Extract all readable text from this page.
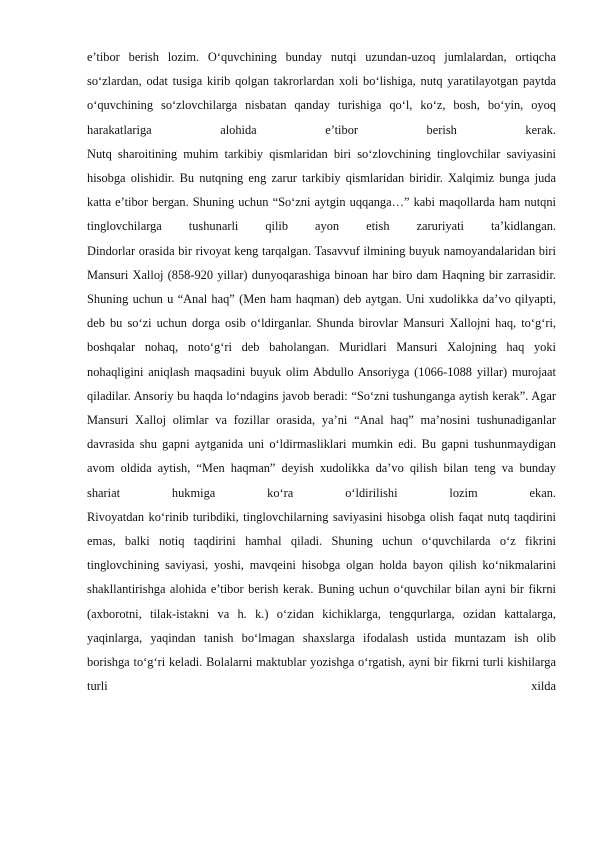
e’tibor berish lozim. O‘quvchining bunday nutqi uzundan-uzoq jumlalardan, ortiqcha so‘zlardan, odat tusiga kirib qolgan takrorlardan xoli bo‘lishiga, nutq yaratilayotgan paytda o‘quvchining so‘zlovchilarga nisbatan qanday turishiga qo‘l, ko‘z, bosh, bo‘yin, oyoq harakatlariga alohida e’tibor berish kerak.

Nutq sharoitining muhim tarkibiy qismlaridan biri so‘zlovchining tinglovchilar saviyasini hisobga olishidir. Bu nutqning eng zarur tarkibiy qismlaridan biridir. Xalqimiz bunga juda katta e’tibor bergan. Shuning uchun “So‘zni aytgin uqqanga…” kabi maqollarda ham nutqni tinglovchilarga tushunarli qilib ayon etish zaruriyati ta’kidlangan.

Dindorlar orasida bir rivoyat keng tarqalgan. Tasavvuf ilmining buyuk namoyandalaridan biri Mansuri Xalloj (858-920 yillar) dunyoqarashiga binoan har biro dam Haqning bir zarrasidir. Shuning uchun u “Anal haq” (Men ham haqman) deb aytgan. Uni xudolikka da’vo qilyapti, deb bu so‘zi uchun dorga osib o‘ldirganlar. Shunda birovlar Mansuri Xallojni haq, to‘g‘ri, boshqalar nohaq, noto‘g‘ri deb baholangan. Muridlari Mansuri Xalojning haq yoki nohaqligini aniqlash maqsadini buyuk olim Abdullo Ansoriyga (1066-1088 yillar) murojaat qiladilar. Ansoriy bu haqda lo‘ndagins javob beradi: “So‘zni tushunganga aytish kerak”. Agar Mansuri Xalloj olimlar va fozillar orasida, ya’ni “Anal haq” ma’nosini tushunadiganlar davrasida shu gapni aytganida uni o‘ldirmasliklari mumkin edi. Bu gapni tushunmaydigan avom oldida aytish, “Men haqman” deyish xudolikka da’vo qilish bilan teng va bunday shariat hukmiga ko‘ra o‘ldirilishi lozim ekan.

Rivoyatdan ko‘rinib turibdiki, tinglovchilarning saviyasini hisobga olish faqat nutq taqdirini emas, balki notiq taqdirini hamhal qiladi. Shuning uchun o‘quvchilarda o‘z fikrini tinglovchining saviyasi, yoshi, mavqeini hisobga olgan holda bayon qilish ko‘nikmalarini shakllantirishga alohida e’tibor berish kerak. Buning uchun o‘quvchilar bilan ayni bir fikrni (axborotni, tilak-istakni va h. k.) o‘zidan kichiklarga, tengqurlarga, ozidan kattalarga, yaqinlarga, yaqindan tanish bo‘lmagan shaxslarga ifodalash ustida muntazam ish olib borishga to‘g‘ri keladi. Bolalarni maktublar yozishga o‘rgatish, ayni bir fikrni turli kishilarga turli xilda
